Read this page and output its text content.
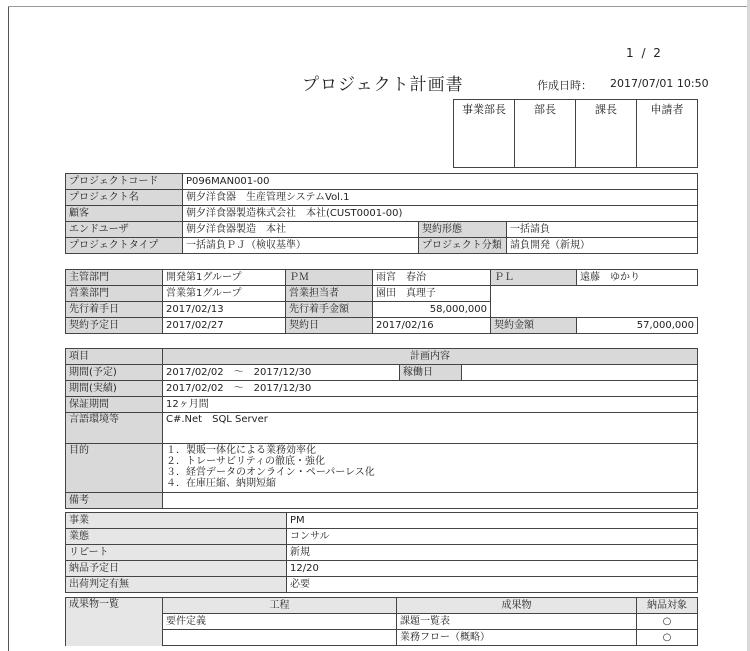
1 / 2
プロジェクト計画書	作成日時： 2017/07/01 10:50
事業部長	部長	課長	申請者
プロジェクトコード	P096MAN001-00		
プロジェクト名	朝夕洋食器　生産管理システムVol.1		
顧客	朝夕洋食器製造株式会社　本社(CUST0001-00)		
エンドユーザ	朝夕洋食器製造　本社	契約形態	一括請負
プロジェクトタイプ	一括請負ＰＪ（検収基準）	プロジェクト分類	請負開発（新規）
主管部門	開発第1グループ	ＰＭ	雨宮　春治	ＰＬ	遠藤　ゆかり
営業部門	営業第1グループ	営業担当者	園田　真理子		
先行着手日	2017/02/13	先行着手金額	58,000,000		
契約予定日	2017/02/27	契約日	2017/02/16	契約金額	57,000,000
項目	計画内容		
期間(予定)	2017/02/02　～　2017/12/30	稼働日	
期間(実績)	2017/02/02　～　2017/12/30		
保証期間	12ヶ月間		
言語環境等	C#.Net　SQL Server		
目的	１．製販一体化による業務効率化
２．トレーサビリティの徹底・強化
３．経営データのオンライン・ペーパーレス化
４．在庫圧縮、納期短縮		

備考			
事業	PM
業態	コンサル
リピート	新規
納品予定日	12/20
出荷判定有無	必要
成果物一覧	工程	成果物	納品対象
	要件定義	課題一覧表	○
		業務フロー（概略）	○
